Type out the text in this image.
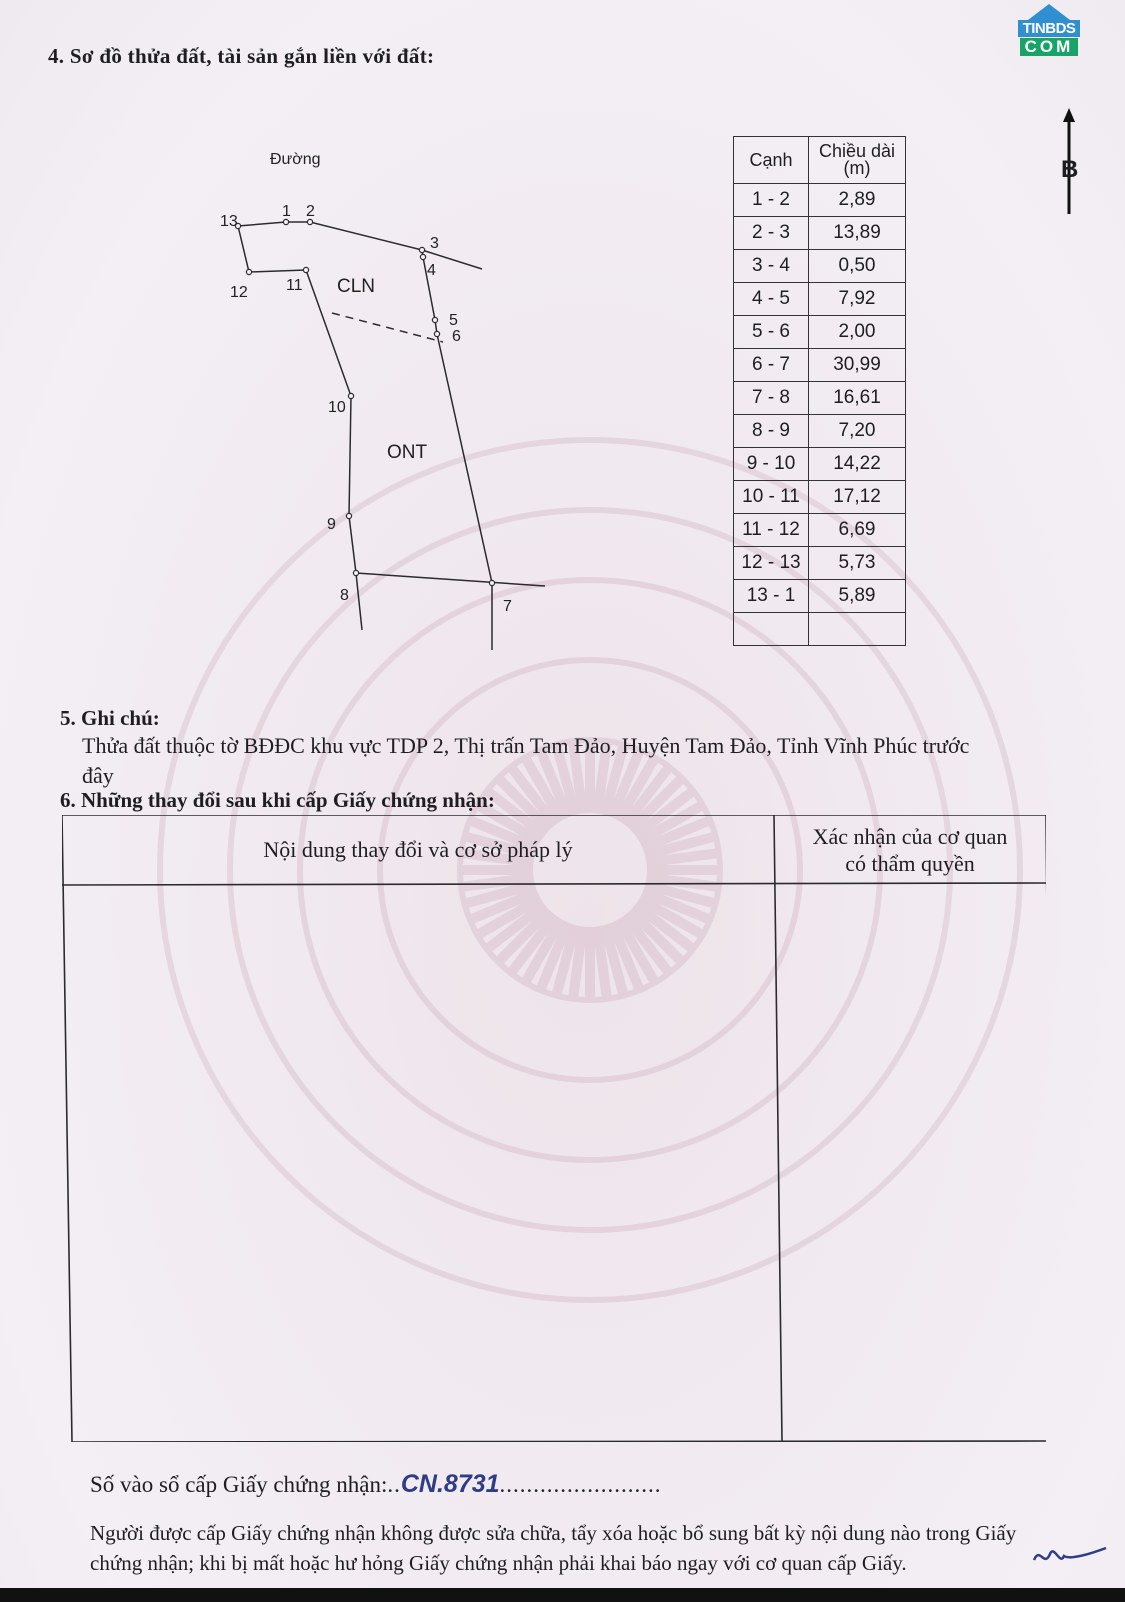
TINBDS
COM
4. Sơ đồ thửa đất, tài sản gắn liền với đất:
Đường
CLN
ONT
1 2
3
4
5
6
7
8
9
10
11
12
13
Cạnh	Chiều dài (m)
1 - 2	2,89
2 - 3	13,89
3 - 4	0,50
4 - 5	7,92
5 - 6	2,00
6 - 7	30,99
7 - 8	16,61
8 - 9	7,20
9 - 10	14,22
10 - 11	17,12
11 - 12	6,69
12 - 13	5,73
13 - 1	5,89

B
5. Ghi chú:
Thửa đất thuộc tờ BĐĐC khu vực TDP 2, Thị trấn Tam Đảo, Huyện Tam Đảo, Tỉnh Vĩnh Phúc trước đây
6. Những thay đổi sau khi cấp Giấy chứng nhận:
Nội dung thay đổi và cơ sở pháp lý
Xác nhận của cơ quan
có thẩm quyền
Số vào sổ cấp Giấy chứng nhận:..CN.8731........................
Người được cấp Giấy chứng nhận không được sửa chữa, tẩy xóa hoặc bổ sung bất kỳ nội dung nào trong Giấy chứng nhận; khi bị mất hoặc hư hỏng Giấy chứng nhận phải khai báo ngay với cơ quan cấp Giấy.
